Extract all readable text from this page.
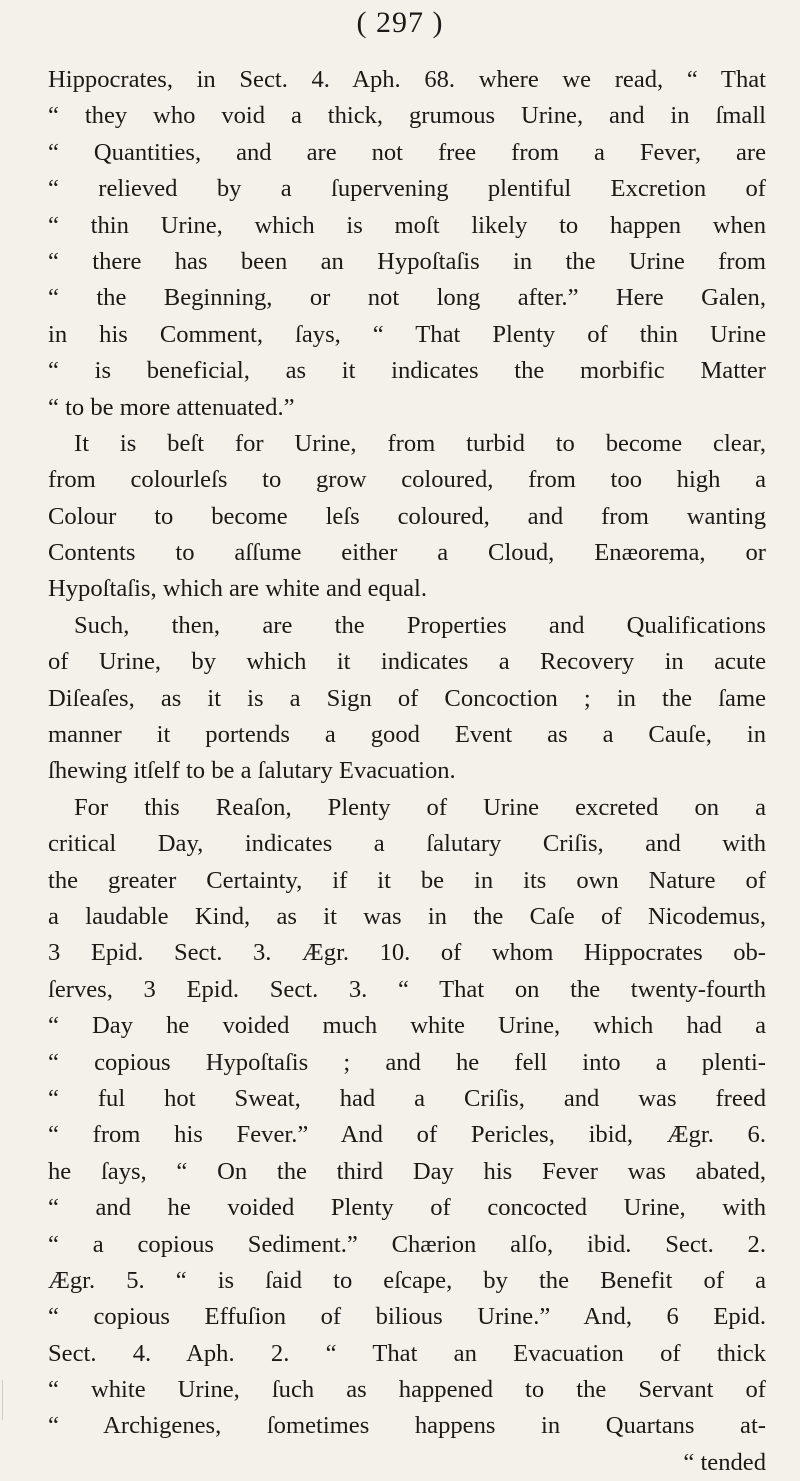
( 297 )
Hippocrates, in Sect. 4. Aph. 68. where we read, “ That
“ they who void a thick, grumous Urine, and in ſmall
“ Quantities, and are not free from a Fever, are
“ relieved by a ſupervening plentiful Excretion of
“ thin Urine, which is moſt likely to happen when
“ there has been an Hypoſtaſis in the Urine from
“ the Beginning, or not long after.” Here Galen,
in his Comment, ſays, “ That Plenty of thin Urine
“ is beneficial, as it indicates the morbific Matter
“ to be more attenuated.”
It is beſt for Urine, from turbid to become clear,
from colourleſs to grow coloured, from too high a
Colour to become leſs coloured, and from wanting
Contents to aſſume either a Cloud, Enæorema, or
Hypoſtaſis, which are white and equal.
Such, then, are the Properties and Qualifications
of Urine, by which it indicates a Recovery in acute
Diſeaſes, as it is a Sign of Concoction ; in the ſame
manner it portends a good Event as a Cauſe, in
ſhewing itſelf to be a ſalutary Evacuation.
For this Reaſon, Plenty of Urine excreted on a
critical Day, indicates a ſalutary Criſis, and with
the greater Certainty, if it be in its own Nature of
a laudable Kind, as it was in the Caſe of Nicodemus,
3 Epid. Sect. 3. Ægr. 10. of whom Hippocrates ob-
ſerves, 3 Epid. Sect. 3. “ That on the twenty-fourth
“ Day he voided much white Urine, which had a
“ copious Hypoſtaſis ; and he fell into a plenti-
“ ful hot Sweat, had a Criſis, and was freed
“ from his Fever.” And of Pericles, ibid, Ægr. 6.
he ſays, “ On the third Day his Fever was abated,
“ and he voided Plenty of concocted Urine, with
“ a copious Sediment.” Chærion alſo, ibid. Sect. 2.
Ægr. 5. “ is ſaid to eſcape, by the Benefit of a
“ copious Effuſion of bilious Urine.” And, 6 Epid.
Sect. 4. Aph. 2. “ That an Evacuation of thick
“ white Urine, ſuch as happened to the Servant of
“ Archigenes, ſometimes happens in Quartans at-
“ tended
